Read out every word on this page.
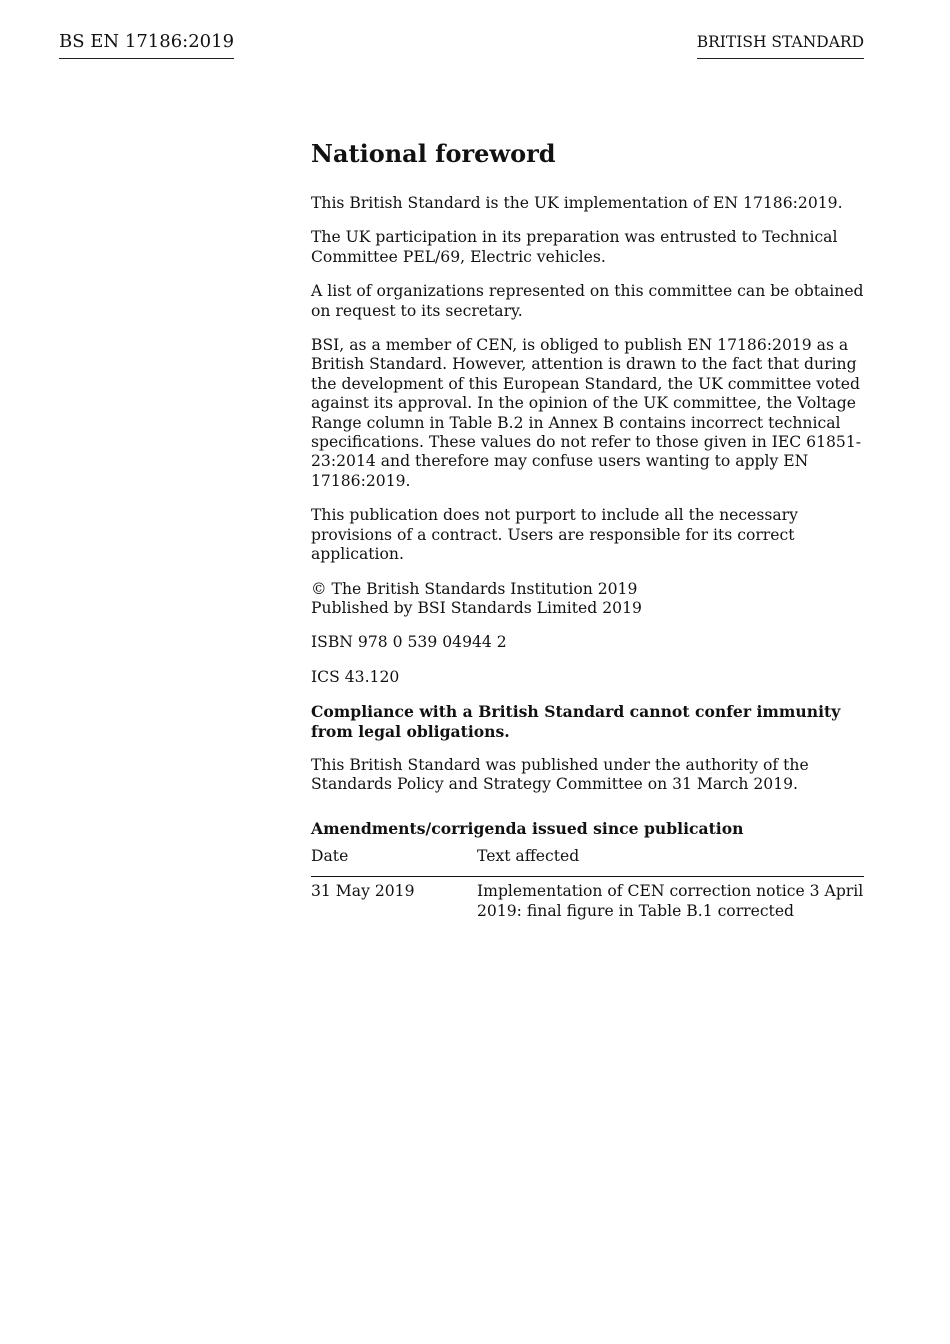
BS EN 17186:2019	BRITISH STANDARD
National foreword

This British Standard is the UK implementation of EN 17186:2019.

The UK participation in its preparation was entrusted to Technical Committee PEL/69, Electric vehicles.

A list of organizations represented on this committee can be obtained on request to its secretary.

BSI, as a member of CEN, is obliged to publish EN 17186:2019 as a British Standard. However, attention is drawn to the fact that during the development of this European Standard, the UK committee voted against its approval. In the opinion of the UK committee, the Voltage Range column in Table B.2 in Annex B contains incorrect technical specifications. These values do not refer to those given in IEC 61851- 23:2014 and therefore may confuse users wanting to apply EN 17186:2019.

This publication does not purport to include all the necessary provisions of a contract. Users are responsible for its correct application.

© The British Standards Institution 2019
Published by BSI Standards Limited 2019

ISBN 978 0 539 04944 2

ICS 43.120

Compliance with a British Standard cannot confer immunity from legal obligations.

This British Standard was published under the authority of the Standards Policy and Strategy Committee on 31 March 2019.

Amendments/corrigenda issued since publication
Date	Text affected
31 May 2019	Implementation of CEN correction notice 3 April 2019: final figure in Table B.1 corrected
